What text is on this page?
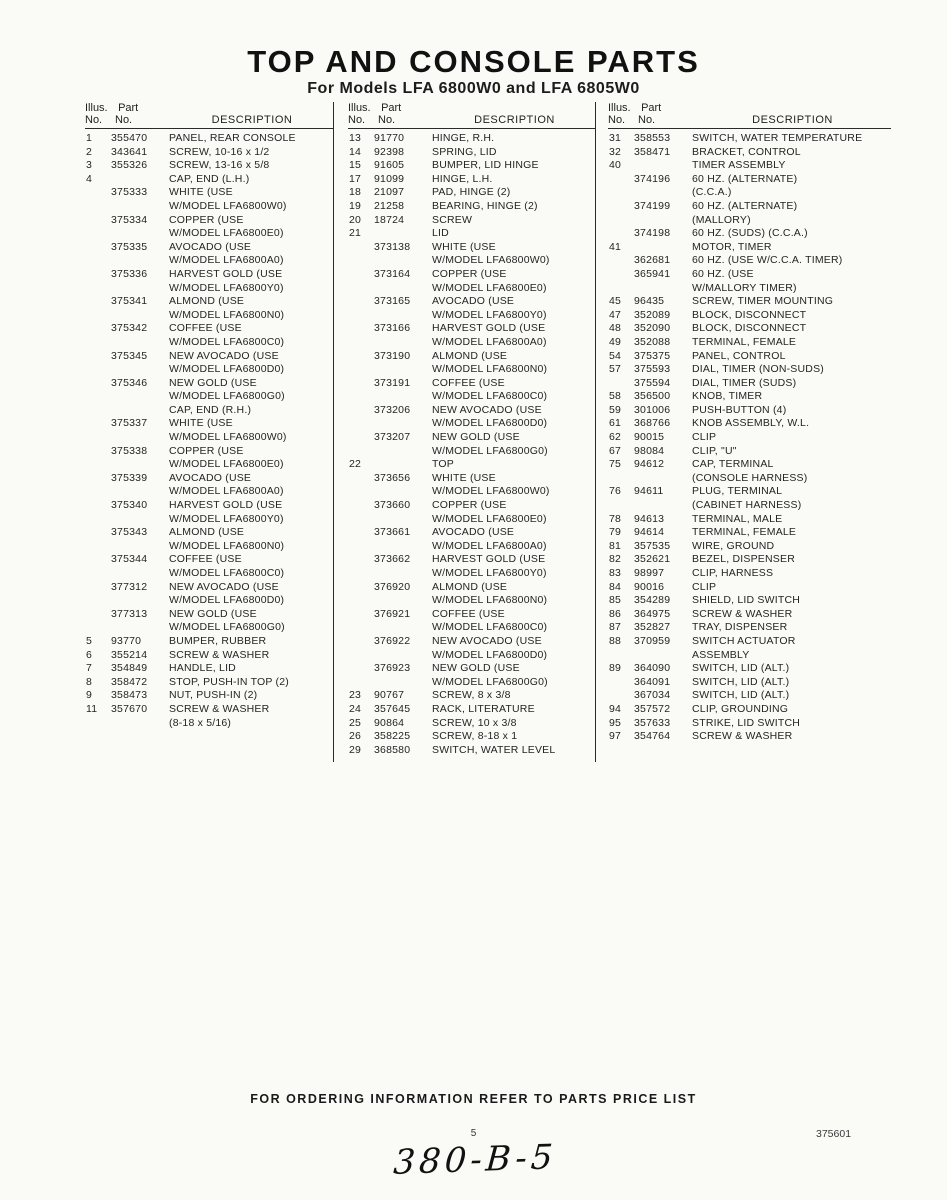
TOP AND CONSOLE PARTS
For Models LFA 6800W0 and LFA 6805W0
Illus. Part
No.	No.	DESCRIPTION
1	355470	PANEL, REAR CONSOLE
2	343641	SCREW, 10-16 x 1/2
3	355326	SCREW, 13-16 x 5/8
4	CAP, END (L.H.)
375333	WHITE (USE
W/MODEL LFA6800W0)
375334	COPPER (USE
W/MODEL LFA6800E0)
375335	AVOCADO (USE
W/MODEL LFA6800A0)
375336	HARVEST GOLD (USE
W/MODEL LFA6800Y0)
375341	ALMOND (USE
W/MODEL LFA6800N0)
375342	COFFEE (USE
W/MODEL LFA6800C0)
375345	NEW AVOCADO (USE
W/MODEL LFA6800D0)
375346	NEW GOLD (USE
W/MODEL LFA6800G0)
CAP, END (R.H.)
375337	WHITE (USE
W/MODEL LFA6800W0)
375338	COPPER (USE
W/MODEL LFA6800E0)
375339	AVOCADO (USE
W/MODEL LFA6800A0)
375340	HARVEST GOLD (USE
W/MODEL LFA6800Y0)
375343	ALMOND (USE
W/MODEL LFA6800N0)
375344	COFFEE (USE
W/MODEL LFA6800C0)
377312	NEW AVOCADO (USE
W/MODEL LFA6800D0)
377313	NEW GOLD (USE
W/MODEL LFA6800G0)
5	93770	BUMPER, RUBBER
6	355214	SCREW & WASHER
7	354849	HANDLE, LID
8	358472	STOP, PUSH-IN TOP (2)
9	358473	NUT, PUSH-IN (2)
11	357670	SCREW & WASHER
(8-18 x 5/16)
Illus. Part
No.	No.	DESCRIPTION
13	91770	HINGE, R.H.
14	92398	SPRING, LID
15	91605	BUMPER, LID HINGE
17	91099	HINGE, L.H.
18	21097	PAD, HINGE (2)
19	21258	BEARING, HINGE (2)
20	18724	SCREW
21	LID
373138	WHITE (USE
W/MODEL LFA6800W0)
373164	COPPER (USE
W/MODEL LFA6800E0)
373165	AVOCADO (USE
W/MODEL LFA6800Y0)
373166	HARVEST GOLD (USE
W/MODEL LFA6800A0)
373190	ALMOND (USE
W/MODEL LFA6800N0)
373191	COFFEE (USE
W/MODEL LFA6800C0)
373206	NEW AVOCADO (USE
W/MODEL LFA6800D0)
373207	NEW GOLD (USE
W/MODEL LFA6800G0)
22	TOP
373656	WHITE (USE
W/MODEL LFA6800W0)
373660	COPPER (USE
W/MODEL LFA6800E0)
373661	AVOCADO (USE
W/MODEL LFA6800A0)
373662	HARVEST GOLD (USE
W/MODEL LFA6800Y0)
376920	ALMOND (USE
W/MODEL LFA6800N0)
376921	COFFEE (USE
W/MODEL LFA6800C0)
376922	NEW AVOCADO (USE
W/MODEL LFA6800D0)
376923	NEW GOLD (USE
W/MODEL LFA6800G0)
23	90767	SCREW, 8 x 3/8
24	357645	RACK, LITERATURE
25	90864	SCREW, 10 x 3/8
26	358225	SCREW, 8-18 x 1
29	368580	SWITCH, WATER LEVEL
Illus. Part
No.	No.	DESCRIPTION
31	358553	SWITCH, WATER TEMPERATURE
32	358471	BRACKET, CONTROL
40	TIMER ASSEMBLY
374196	60 HZ. (ALTERNATE)
(C.C.A.)
374199	60 HZ. (ALTERNATE)
(MALLORY)
374198	60 HZ. (SUDS) (C.C.A.)
41	MOTOR, TIMER
362681	60 HZ. (USE W/C.C.A. TIMER)
365941	60 HZ. (USE
W/MALLORY TIMER)
45	96435	SCREW, TIMER MOUNTING
47	352089	BLOCK, DISCONNECT
48	352090	BLOCK, DISCONNECT
49	352088	TERMINAL, FEMALE
54	375375	PANEL, CONTROL
57	375593	DIAL, TIMER (NON-SUDS)
375594	DIAL, TIMER (SUDS)
58	356500	KNOB, TIMER
59	301006	PUSH-BUTTON (4)
61	368766	KNOB ASSEMBLY, W.L.
62	90015	CLIP
67	98084	CLIP, "U"
75	94612	CAP, TERMINAL
(CONSOLE HARNESS)
76	94611	PLUG, TERMINAL
(CABINET HARNESS)
78	94613	TERMINAL, MALE
79	94614	TERMINAL, FEMALE
81	357535	WIRE, GROUND
82	352621	BEZEL, DISPENSER
83	98997	CLIP, HARNESS
84	90016	CLIP
85	354289	SHIELD, LID SWITCH
86	364975	SCREW & WASHER
87	352827	TRAY, DISPENSER
88	370959	SWITCH ACTUATOR
ASSEMBLY
89	364090	SWITCH, LID (ALT.)
364091	SWITCH, LID (ALT.)
367034	SWITCH, LID (ALT.)
94	357572	CLIP, GROUNDING
95	357633	STRIKE, LID SWITCH
97	354764	SCREW & WASHER
FOR ORDERING INFORMATION REFER TO PARTS PRICE LIST
5	375601
380-B-5
